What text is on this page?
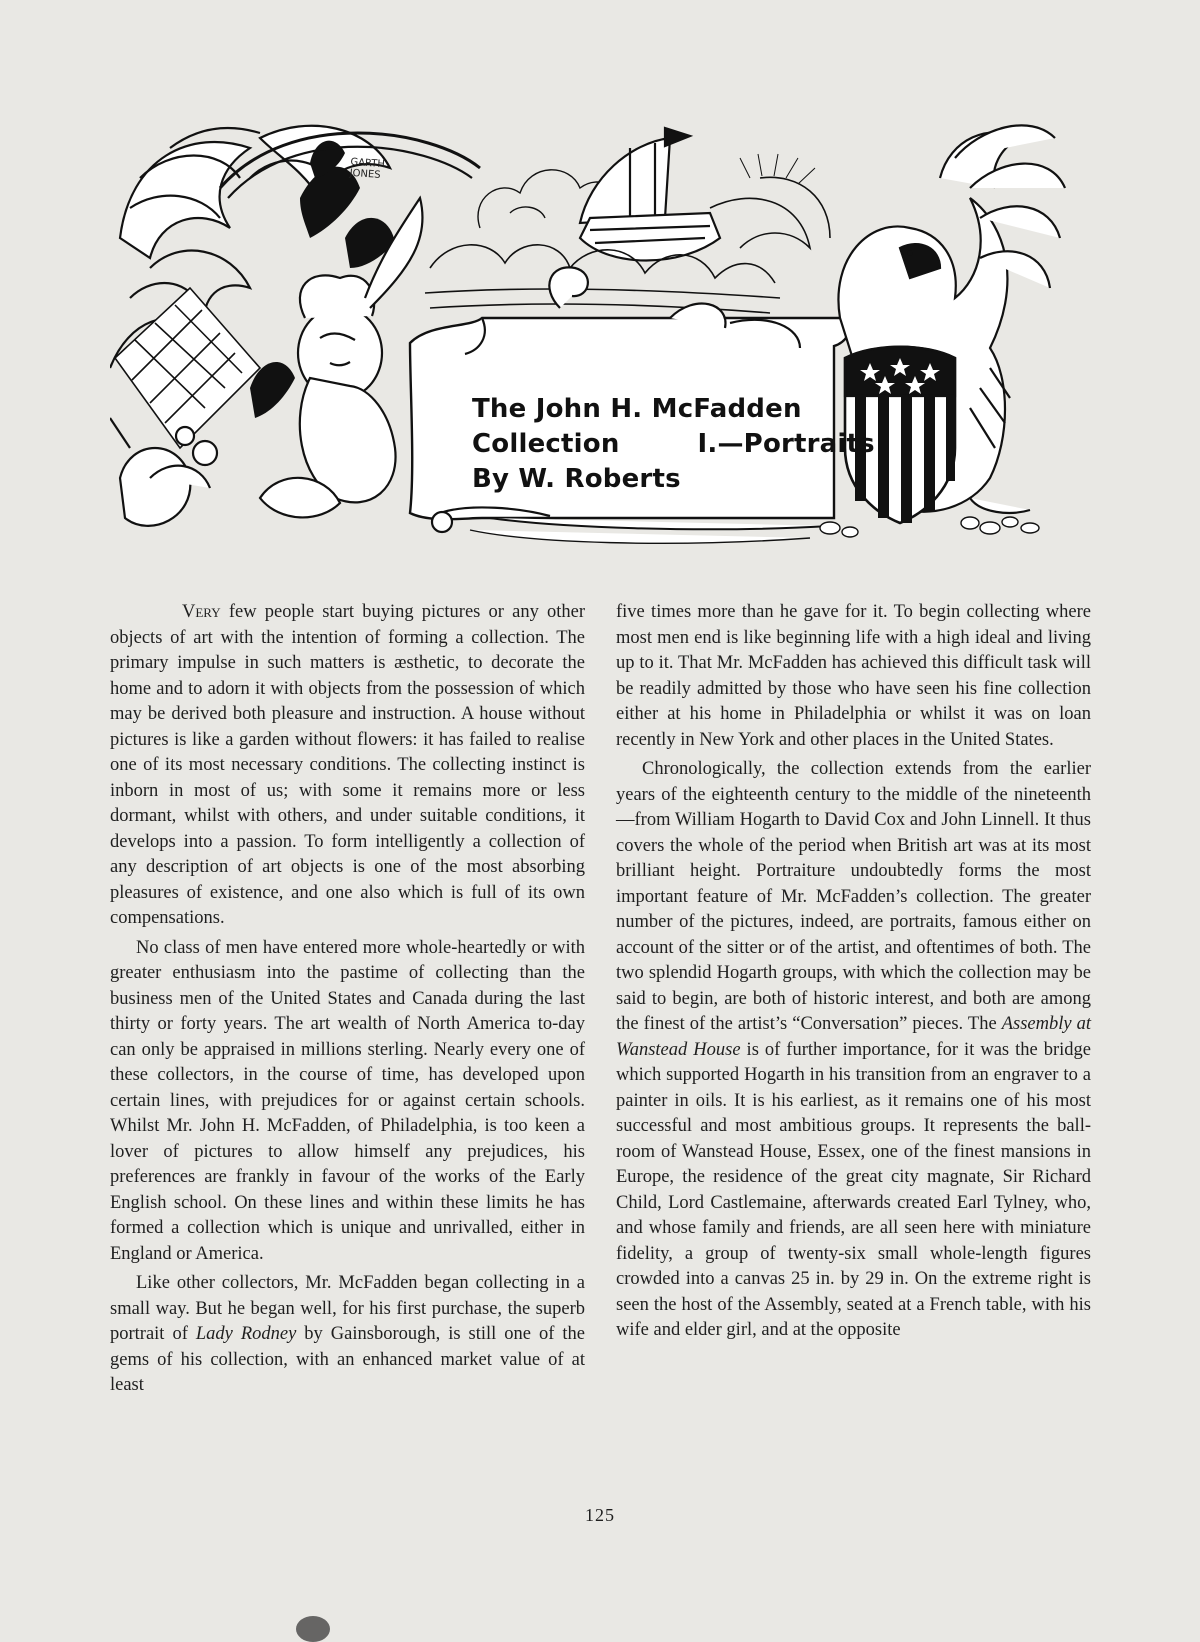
GARTH
JONES
The John H. McFadden
Collection	I.—Portraits
By W. Roberts

Very few people start buying pictures or any other objects of art with the intention of forming a collection. The primary impulse in such matters is æsthetic, to decorate the home and to adorn it with objects from the possession of which may be derived both pleasure and instruction. A house without pictures is like a garden without flowers: it has failed to realise one of its most necessary conditions. The collecting instinct is inborn in most of us; with some it remains more or less dormant, whilst with others, and under suitable conditions, it develops into a passion. To form intelligently a collection of any description of art objects is one of the most absorbing pleasures of existence, and one also which is full of its own compensations.

No class of men have entered more whole-heartedly or with greater enthusiasm into the pastime of collecting than the business men of the United States and Canada during the last thirty or forty years. The art wealth of North America to-day can only be appraised in millions sterling. Nearly every one of these collectors, in the course of time, has developed upon certain lines, with prejudices for or against certain schools. Whilst Mr. John H. McFadden, of Philadelphia, is too keen a lover of pictures to allow himself any prejudices, his preferences are frankly in favour of the works of the Early English school. On these lines and within these limits he has formed a collection which is unique and unrivalled, either in England or America.

Like other collectors, Mr. McFadden began collecting in a small way. But he began well, for his first purchase, the superb portrait of Lady Rodney by Gainsborough, is still one of the gems of his collection, with an enhanced market value of at least

five times more than he gave for it. To begin collecting where most men end is like beginning life with a high ideal and living up to it. That Mr. McFadden has achieved this difficult task will be readily admitted by those who have seen his fine collection either at his home in Philadelphia or whilst it was on loan recently in New York and other places in the United States.

Chronologically, the collection extends from the earlier years of the eighteenth century to the middle of the nineteenth—from William Hogarth to David Cox and John Linnell. It thus covers the whole of the period when British art was at its most brilliant height. Portraiture undoubtedly forms the most important feature of Mr. McFadden’s collection. The greater number of the pictures, indeed, are portraits, famous either on account of the sitter or of the artist, and oftentimes of both. The two splendid Hogarth groups, with which the collection may be said to begin, are both of historic interest, and both are among the finest of the artist’s “Conversation” pieces. The Assembly at Wanstead House is of further importance, for it was the bridge which supported Hogarth in his transition from an engraver to a painter in oils. It is his earliest, as it remains one of his most successful and most ambitious groups. It represents the ball-room of Wanstead House, Essex, one of the finest mansions in Europe, the residence of the great city magnate, Sir Richard Child, Lord Castlemaine, afterwards created Earl Tylney, who, and whose family and friends, are all seen here with miniature fidelity, a group of twenty-six small whole-length figures crowded into a canvas 25 in. by 29 in. On the extreme right is seen the host of the Assembly, seated at a French table, with his wife and elder girl, and at the opposite

125
